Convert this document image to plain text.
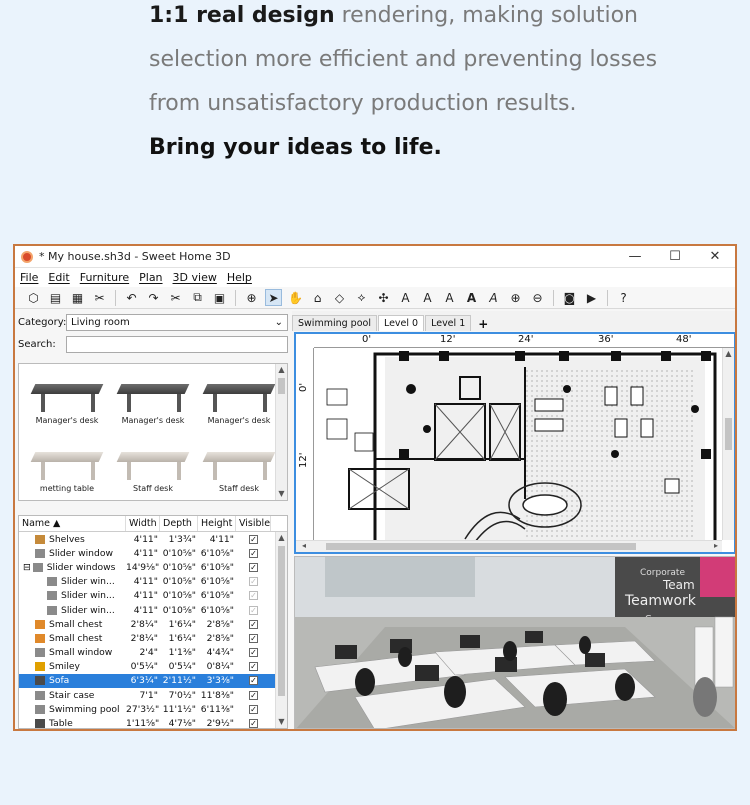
1:1 real design rendering, making solution
selection more efficient and preventing losses
from unsatisfactory production results.
Bring your ideas to life.
* My house.sh3d - Sweet Home 3D	—	☐	✕
File Edit Furniture Plan 3D view Help
⬡ ▤ ▦ ✂ ↶ ↷ ✂	⧉	▣ ⊕ ➤ ✋ ⌂	◇	⟡	✣	A	A	A	A A ⊕ ⊖ ◙ ▶	?
Category: Living room	⌄
Search:
Manager's desk	Manager's desk	Manager's desk
metting table	Staff desk	Staff desk
▲
▼
Name ▲	Width Depth Height Visible
Shelves	4'11"	1'3¾"	4'11" ✓
Slider window	4'11" 0'10⅝" 6'10⅝" ✓
⊟ Slider windows 14'9⅛" 0'10⅝" 6'10⅝" ✓
Slider win...	4'11" 0'10⅝" 6'10⅝" ✓
Slider win...	4'11" 0'10⅝" 6'10⅝" ✓
Slider win...	4'11" 0'10⅝" 6'10⅝" ✓
Small chest	2'8¼"	1'6¼"	2'8⅝" ✓
Small chest	2'8¼"	1'6¼"	2'8⅝" ✓
Small window	2'4"	1'1⅜"	4'4¾" ✓
Smiley	0'5¼"	0'5¼"	0'8¼" ✓
Sofa	6'3¼" 2'11½"	3'3⅜" ✓
Stair case	7'1"	7'0½" 11'8⅜" ✓
Swimming pool 27'3½" 11'1½" 6'11⅜" ✓
Table	1'11⅝"	4'7⅛"	2'9½" ✓
▲
▼
Swimming pool	Level 0	Level 1	+
0'	12'	24'	36'	48'
0'
12'
▲
◂	▸
Corporate
Team
Teamwork
